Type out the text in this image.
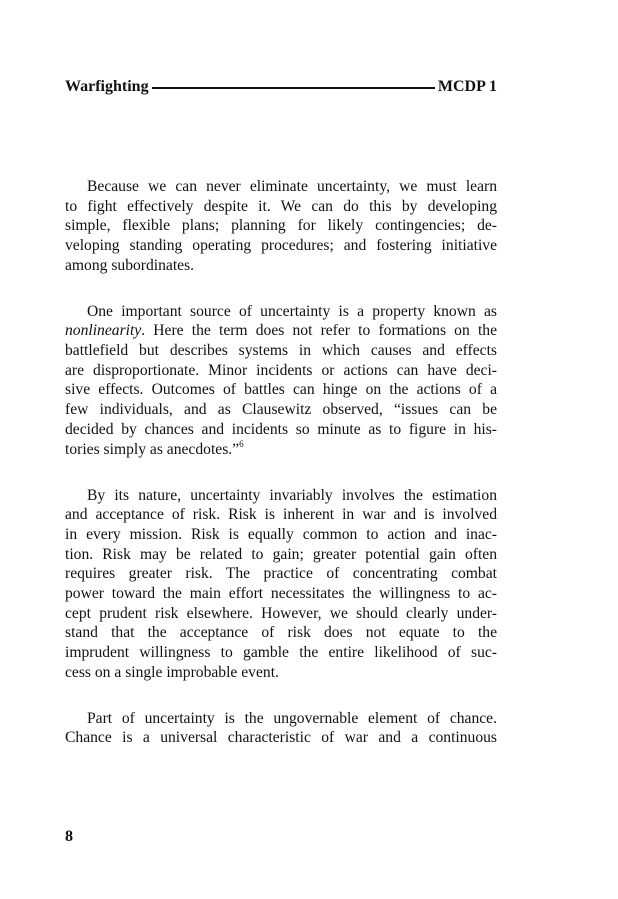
Warfighting	MCDP 1
Because we can never eliminate uncertainty, we must learn
to fight effectively despite it. We can do this by developing
simple, flexible plans; planning for likely contingencies; de-
veloping standing operating procedures; and fostering initiative
among subordinates.
One important source of uncertainty is a property known as
nonlinearity. Here the term does not refer to formations on the
battlefield but describes systems in which causes and effects
are disproportionate. Minor incidents or actions can have deci-
sive effects. Outcomes of battles can hinge on the actions of a
few individuals, and as Clausewitz observed, “issues can be
decided by chances and incidents so minute as to figure in his-
tories simply as anecdotes.”$^6$
By its nature, uncertainty invariably involves the estimation
and acceptance of risk. Risk is inherent in war and is involved
in every mission. Risk is equally common to action and inac-
tion. Risk may be related to gain; greater potential gain often
requires greater risk. The practice of concentrating combat
power toward the main effort necessitates the willingness to ac-
cept prudent risk elsewhere. However, we should clearly under-
stand that the acceptance of risk does not equate to the
imprudent willingness to gamble the entire likelihood of suc-
cess on a single improbable event.
Part of uncertainty is the ungovernable element of chance.
Chance is a universal characteristic of war and a continuous
8
